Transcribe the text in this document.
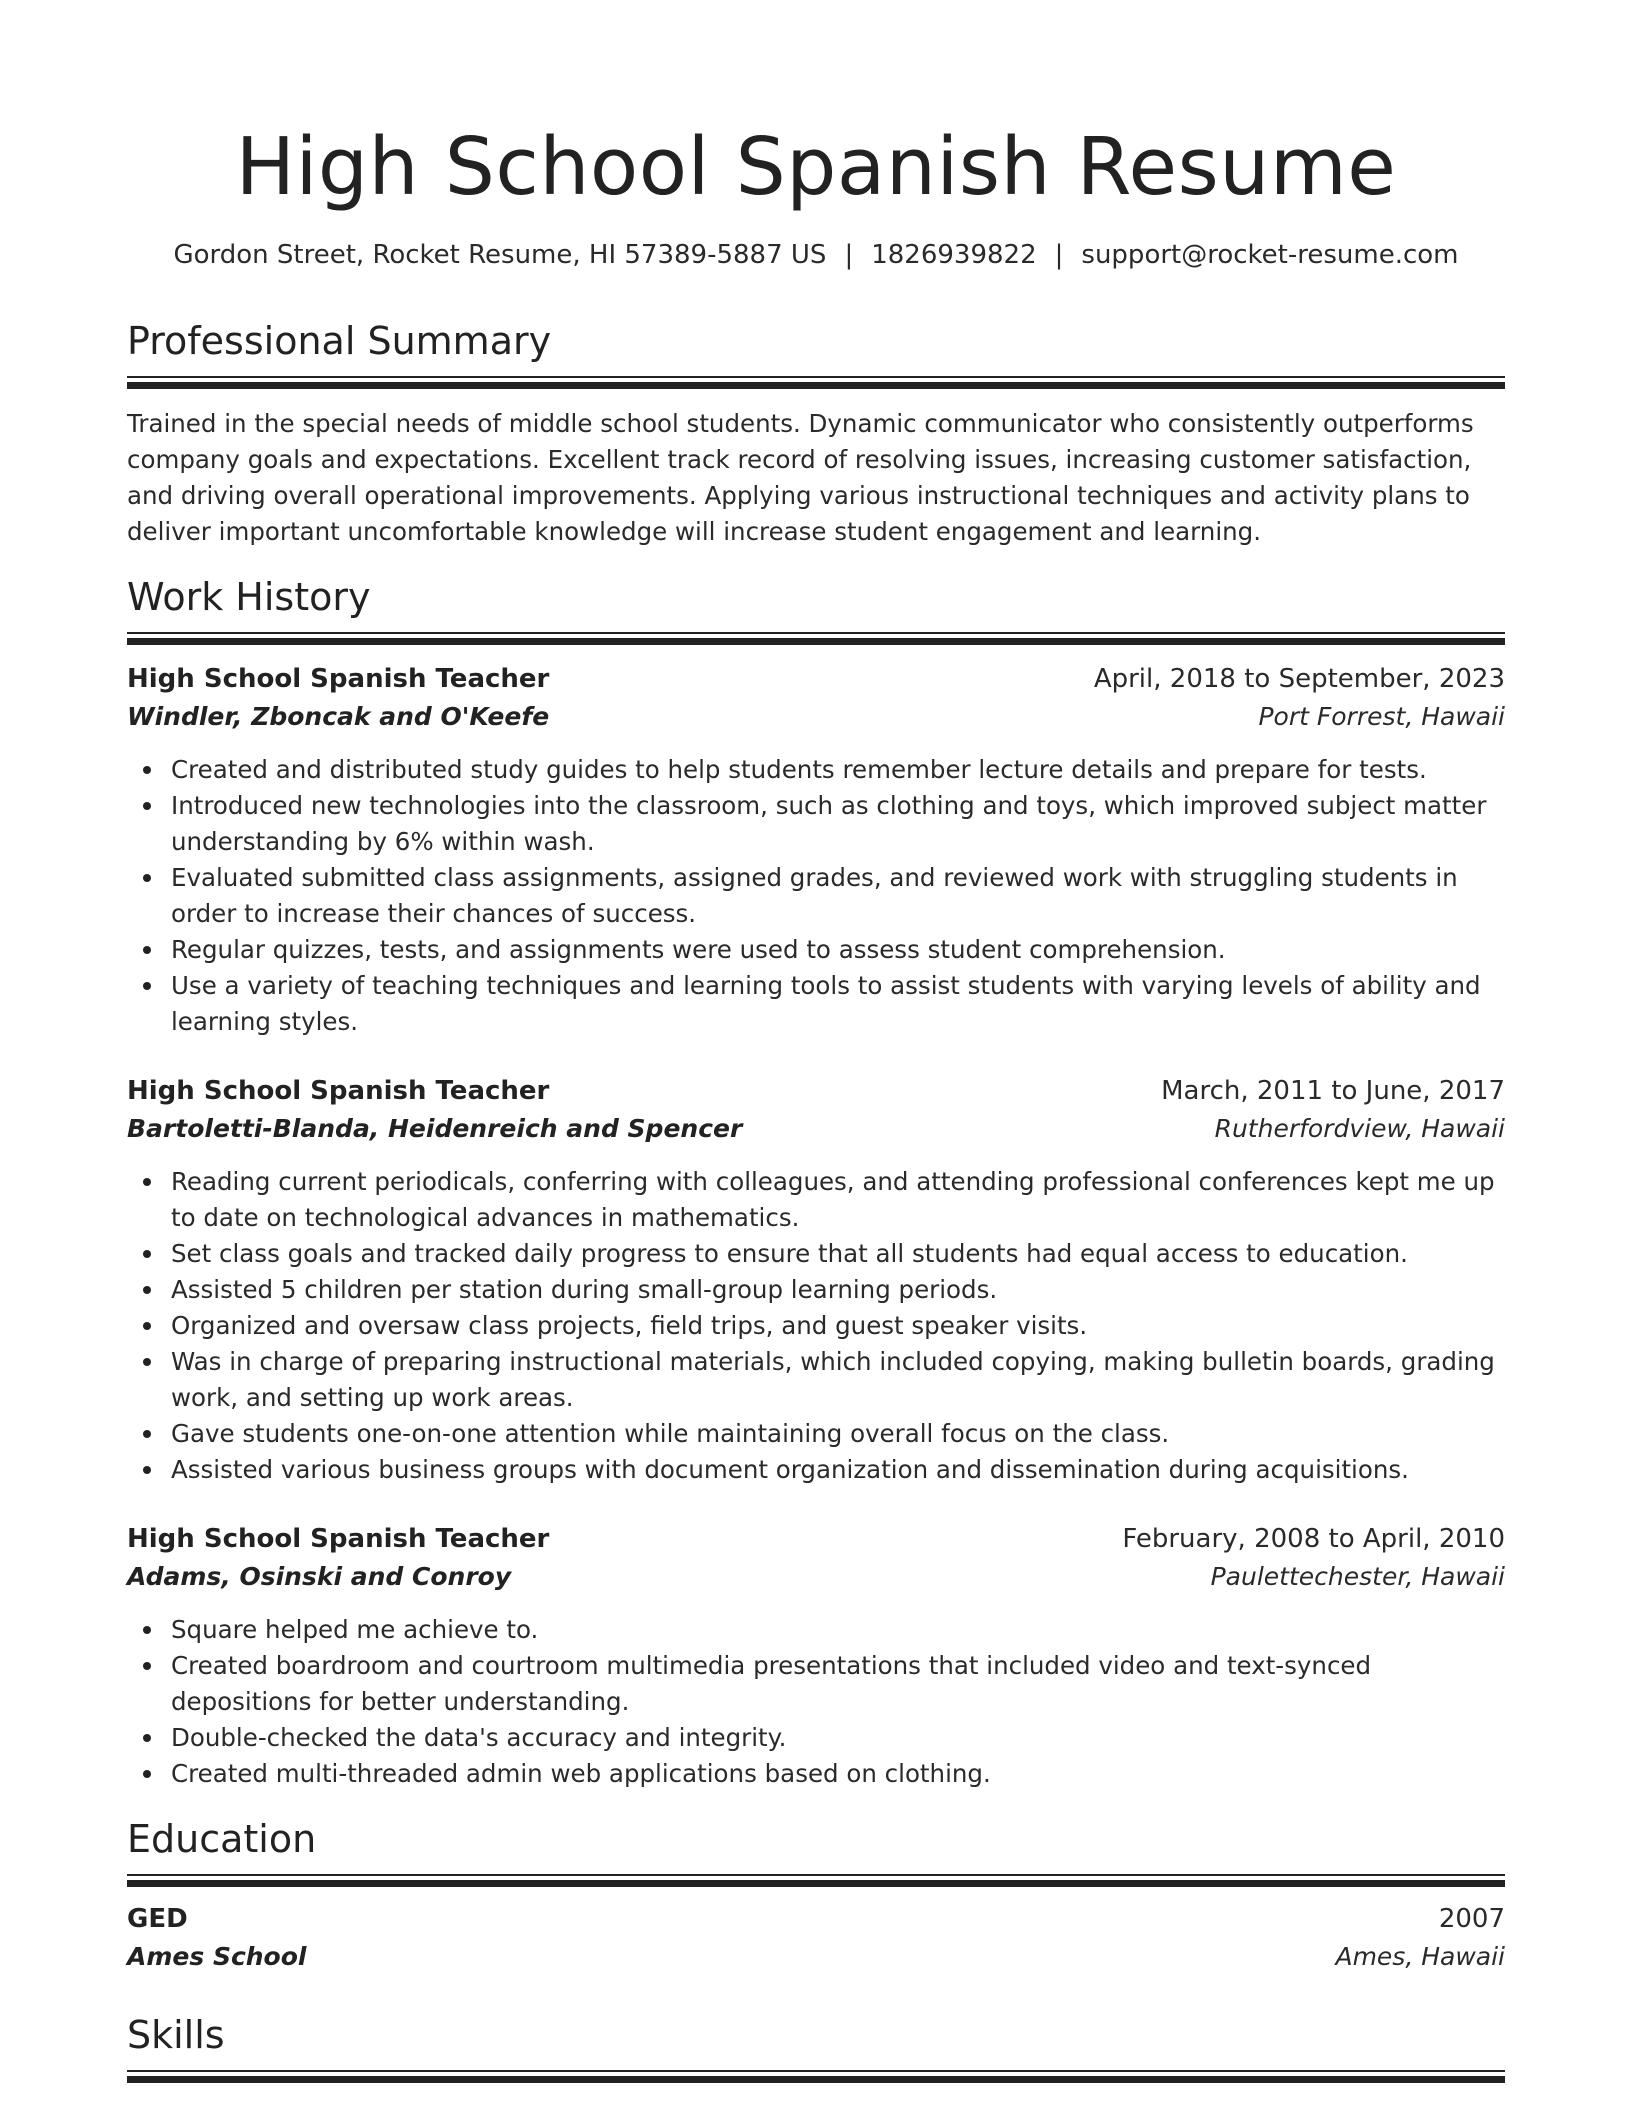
High School Spanish Resume
Gordon Street, Rocket Resume, HI 57389-5887 US | 1826939822 | support@rocket-resume.com
Professional Summary
Trained in the special needs of middle school students. Dynamic communicator who consistently outperforms company goals and expectations. Excellent track record of resolving issues, increasing customer satisfaction, and driving overall operational improvements. Applying various instructional techniques and activity plans to deliver important uncomfortable knowledge will increase student engagement and learning.
Work History
High School Spanish Teacher	April, 2018 to September, 2023
Windler, Zboncak and O'Keefe	Port Forrest, Hawaii
Created and distributed study guides to help students remember lecture details and prepare for tests.
Introduced new technologies into the classroom, such as clothing and toys, which improved subject matter understanding by 6% within wash.
Evaluated submitted class assignments, assigned grades, and reviewed work with struggling students in order to increase their chances of success.
Regular quizzes, tests, and assignments were used to assess student comprehension.
Use a variety of teaching techniques and learning tools to assist students with varying levels of ability and learning styles.
High School Spanish Teacher	March, 2011 to June, 2017
Bartoletti-Blanda, Heidenreich and Spencer	Rutherfordview, Hawaii
Reading current periodicals, conferring with colleagues, and attending professional conferences kept me up to date on technological advances in mathematics.
Set class goals and tracked daily progress to ensure that all students had equal access to education.
Assisted 5 children per station during small-group learning periods.
Organized and oversaw class projects, field trips, and guest speaker visits.
Was in charge of preparing instructional materials, which included copying, making bulletin boards, grading work, and setting up work areas.
Gave students one-on-one attention while maintaining overall focus on the class.
Assisted various business groups with document organization and dissemination during acquisitions.
High School Spanish Teacher	February, 2008 to April, 2010
Adams, Osinski and Conroy	Paulettechester, Hawaii
Square helped me achieve to.
Created boardroom and courtroom multimedia presentations that included video and text-synced depositions for better understanding.
Double-checked the data's accuracy and integrity.
Created multi-threaded admin web applications based on clothing.
Education
GED	2007
Ames School	Ames, Hawaii
Skills
